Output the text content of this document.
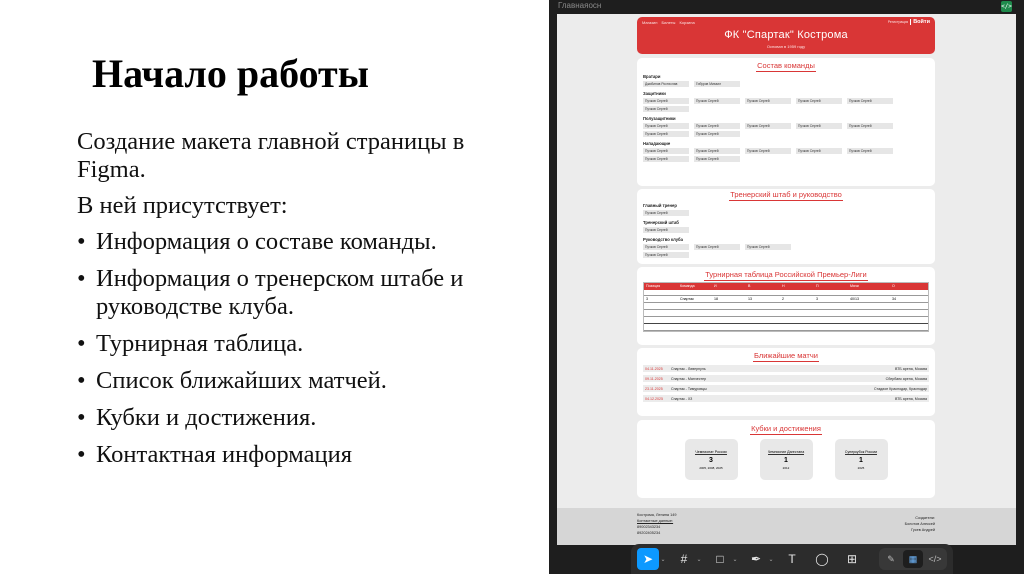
Начало работы

Создание макета главной страницы в Figma.

В ней присутствует:

• Информация о составе команды.
• Информация о тренерском штабе и руководстве клуба.
• Турнирная таблица.
• Список ближайших матчей.
• Кубки и достижения.
• Контактная информация
Главнаяосн	</>
Магазин Билеты Корзина	Регистрация Войти
ФК "Спартак" Кострома
Основан в 1959 году
Состав команды
Вратари
Джибинов Ростислав	Гибуров Михаил
Защитники
Пучков Сергей	Пучков Сергей	Пучков Сергей	Пучков Сергей	Пучков Сергей
Пучков Сергей
Полузащитники
Пучков Сергей	Пучков Сергей	Пучков Сергей	Пучков Сергей	Пучков Сергей
Пучков Сергей	Пучков Сергей
Нападающие
Пучков Сергей	Пучков Сергей	Пучков Сергей	Пучков Сергей	Пучков Сергей
Пучков Сергей	Пучков Сергей
Тренерский штаб и руководство
Главный тренер
Пучков Сергей
Тренерский штаб
Пучков Сергей
Руководство клуба
Пучков Сергей	Пучков Сергей	Пучков Сергей
Пучков Сергей
Турнирная таблица Российской Премьер-Лиги
Позиция	Команда	И	В	Н	П	Мячи	О
3	Спартак	18	13	2	3	40/13	34
Ближайшие матчи
04.11.2025 Спартак - Ливерпуль	ВТБ арена, Москва
09.11.2025 Спартак - Манчестер	Сбербанк арена, Москва
23.11.2025 Спартак - Тимуровцы	Стадион Краснодар, Краснодар
04.12.2025 Спартак - ХЗ	ВТБ арена, Москва
Кубки и достижения
Чемпионат России
3
2005, 2008, 2025
Чемпионат Дагестана
1
2012
Суперкубок России
1
2025
Кострома, Ленина 149
Контактные данные:
89002343234
89202405234
Создатели:
Болотов Алексей
Гусев Андрей
➤	⌄	#	⌄	□	⌄	✒	⌄	T	◯	⊞	✎	▦	</>
